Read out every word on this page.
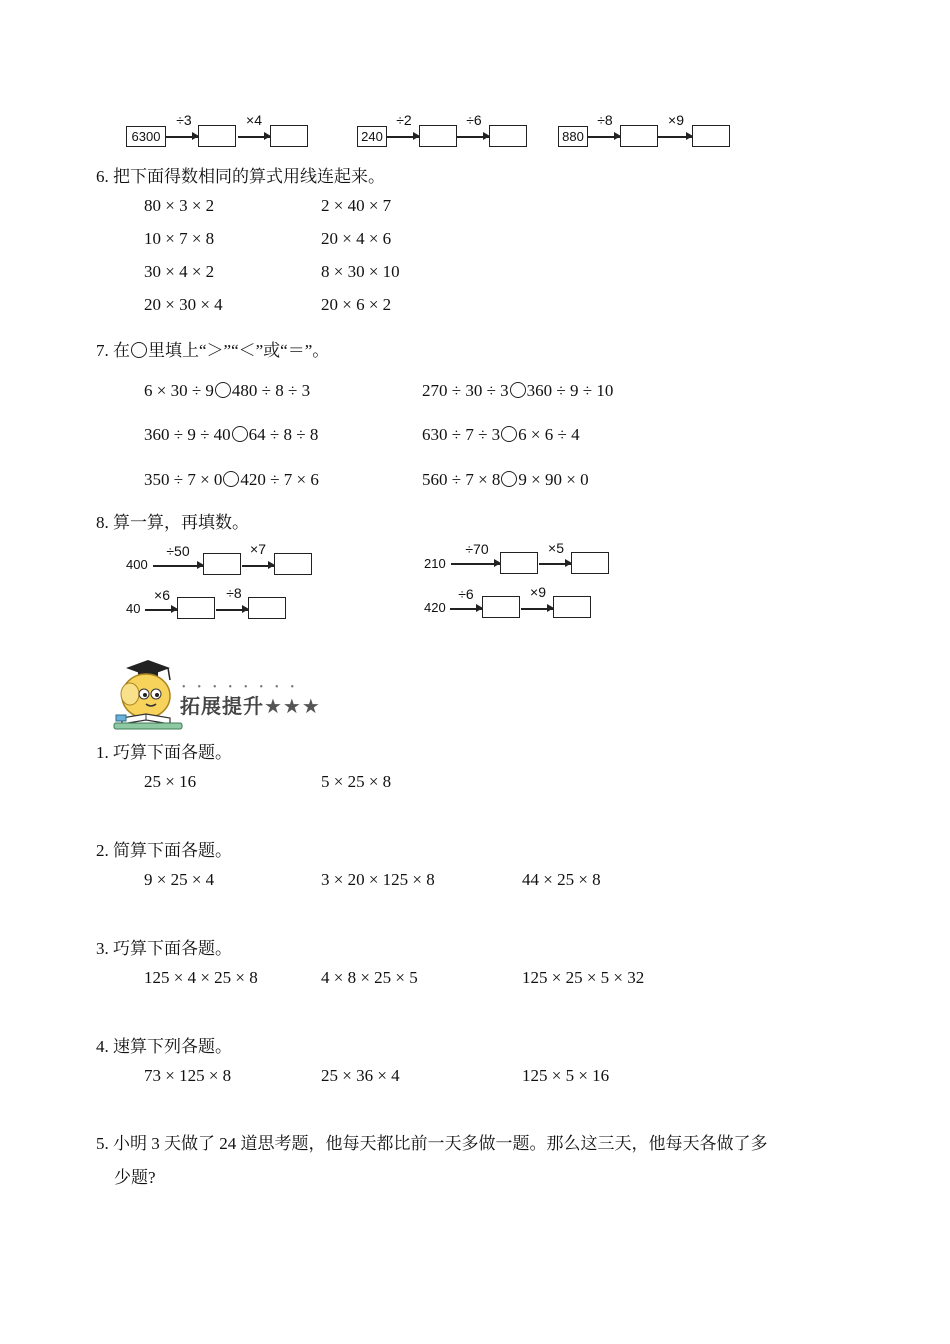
6300
÷3	×4
240
÷2	÷6
880
÷8	×9
6. 把下面得数相同的算式用线连起来。
80 × 3 × 2	2 × 40 × 7
10 × 7 × 8	20 × 4 × 6
30 × 4 × 2	8 × 30 × 10
20 × 30 × 4	20 × 6 × 2
7. 在 里填上“＞”“＜”或“＝”。
6 × 30 ÷ 9 480 ÷ 8 ÷ 3	270 ÷ 30 ÷ 3 360 ÷ 9 ÷ 10
360 ÷ 9 ÷ 40 64 ÷ 8 ÷ 8	630 ÷ 7 ÷ 3 6 × 6 ÷ 4
350 ÷ 7 × 0 420 ÷ 7 × 6	560 ÷ 7 × 8 9 × 90 × 0
8. 算一算，再填数。
400
÷50	×7
210
÷70	×5
40
×6	÷8
420
÷6	×9
••••••••
拓展提升★★★
1. 巧算下面各题。
25 × 16	5 × 25 × 8
2. 简算下面各题。
9 × 25 × 4	3 × 20 × 125 × 8	44 × 25 × 8
3. 巧算下面各题。
125 × 4 × 25 × 8	4 × 8 × 25 × 5	125 × 25 × 5 × 32
4. 速算下列各题。
73 × 125 × 8	25 × 36 × 4	125 × 5 × 16
5. 小明 3 天做了 24 道思考题，他每天都比前一天多做一题。那么这三天，他每天各做了多
少题?
